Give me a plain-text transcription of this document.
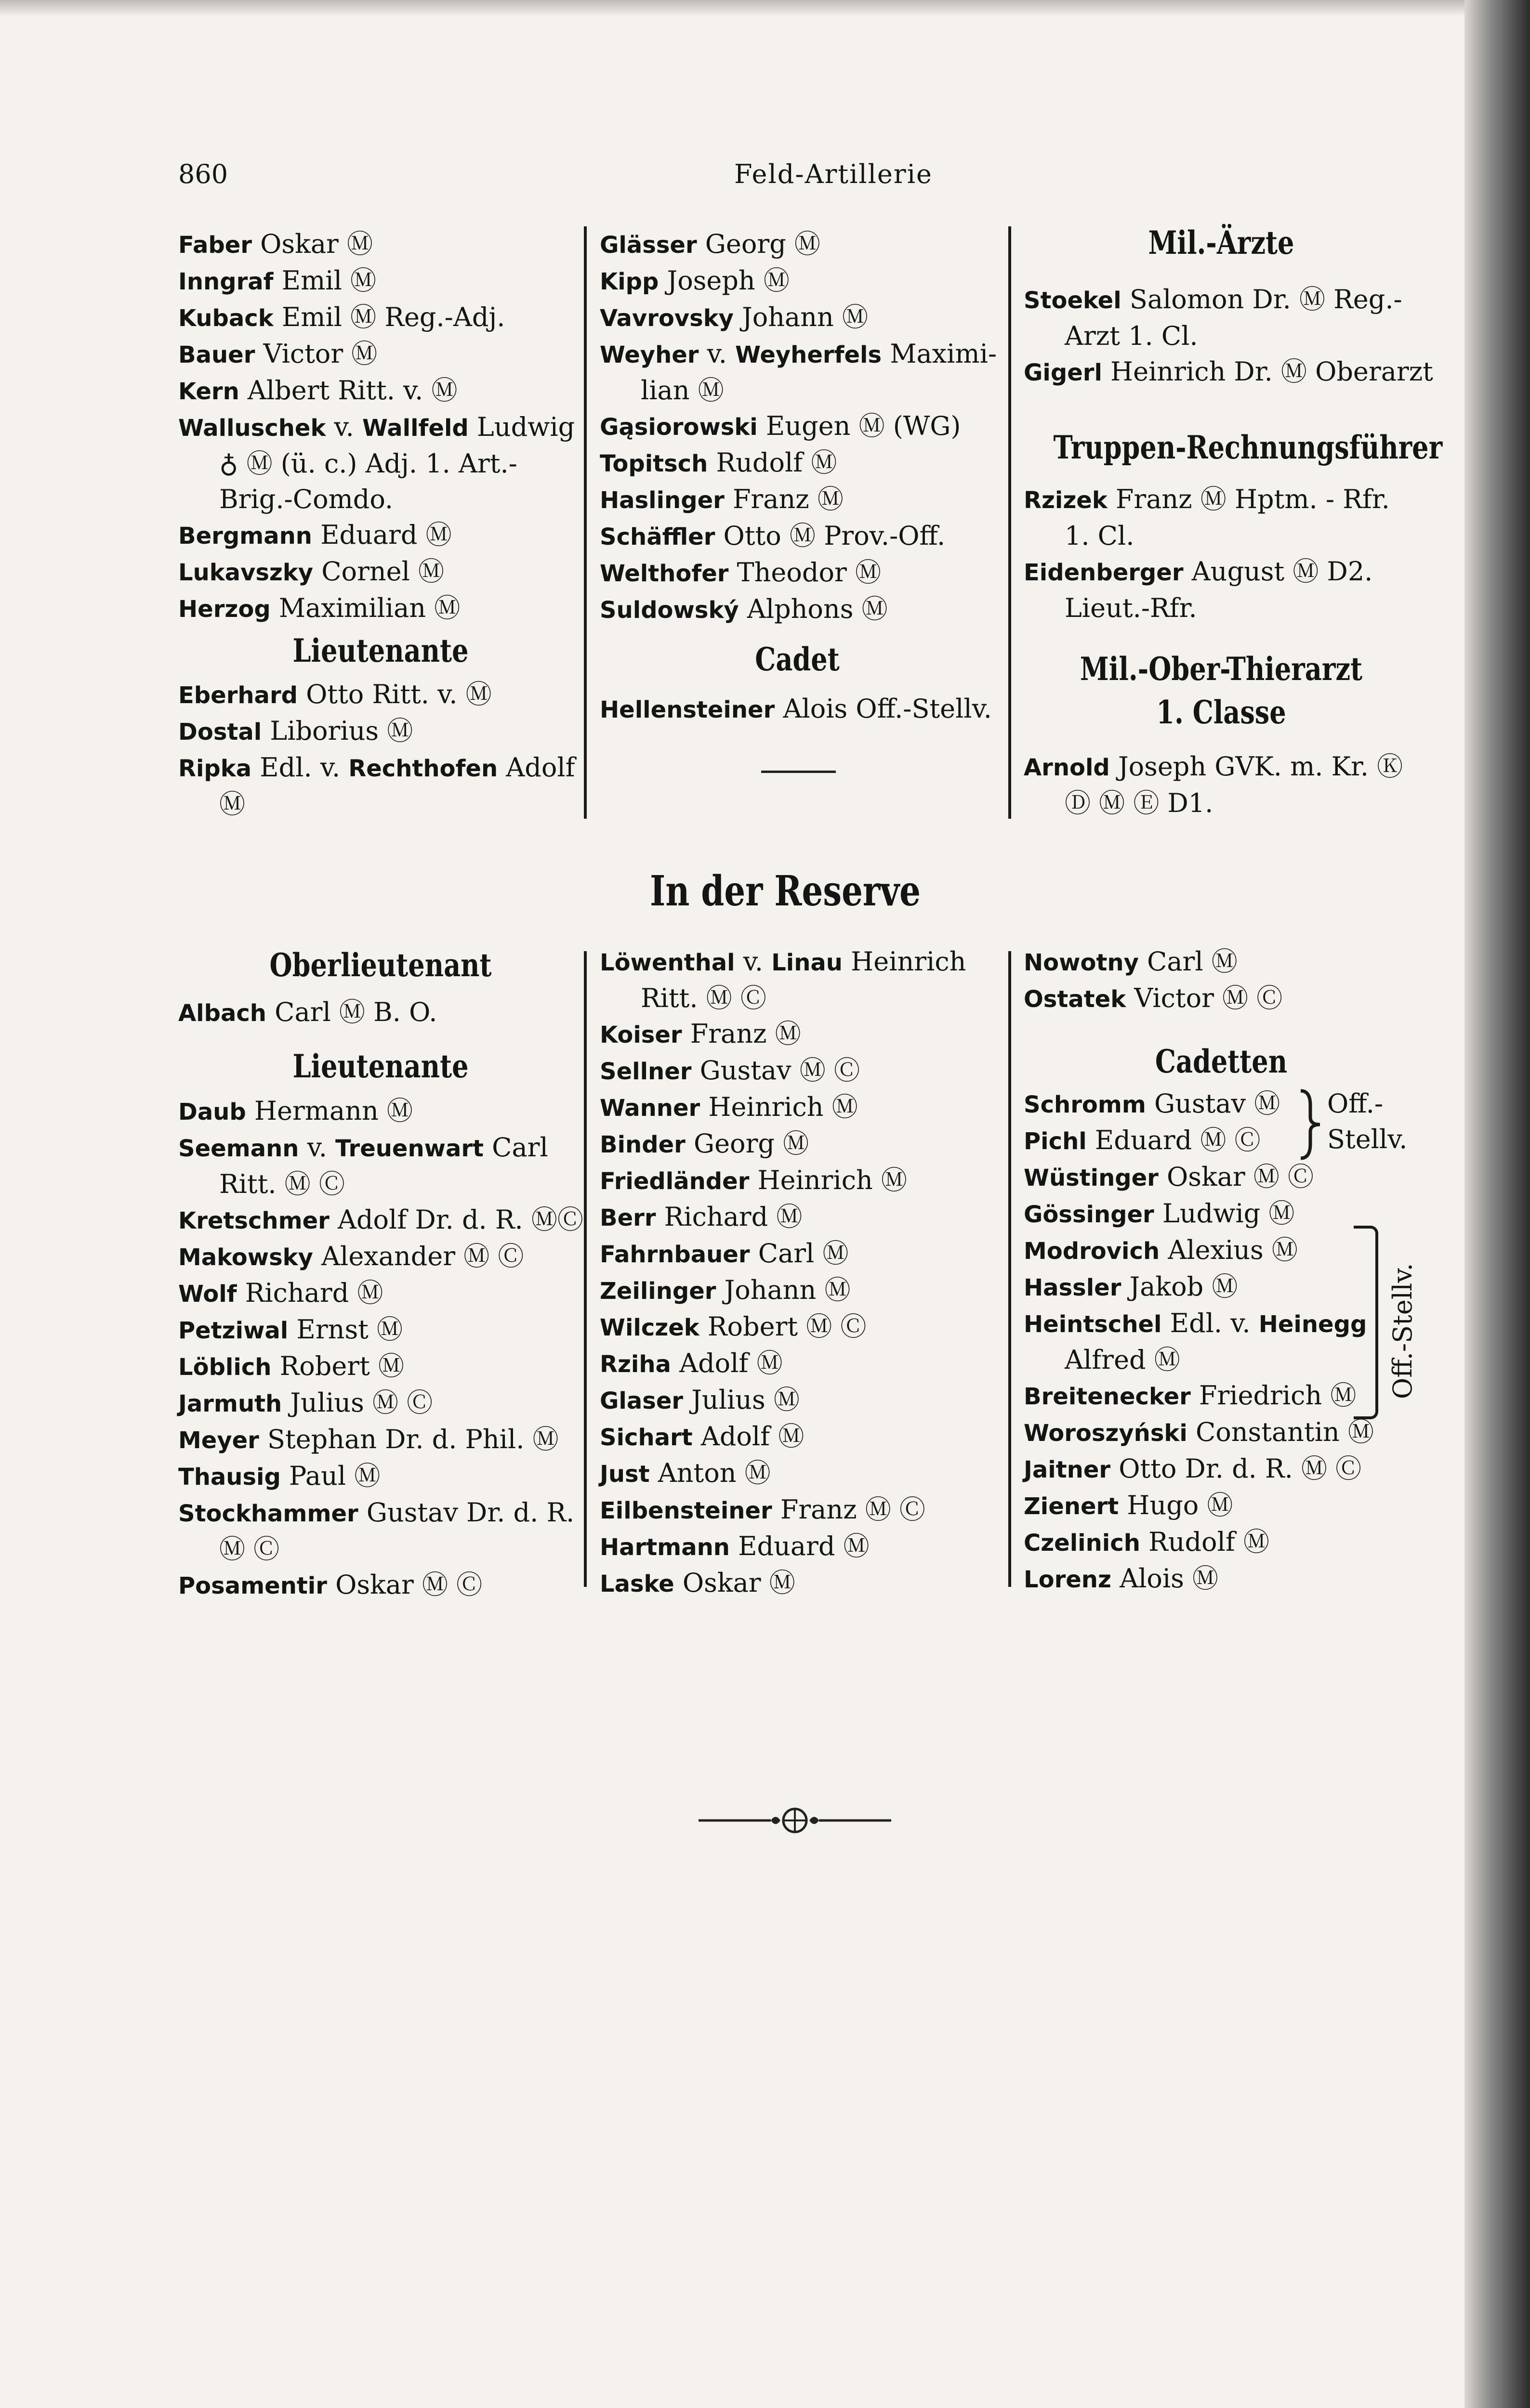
860	Feld-Artillerie

Faber Oskar Ⓜ

Inngraf Emil Ⓜ

Kuback Emil Ⓜ Reg.-Adj.

Bauer Victor Ⓜ

Kern Albert Ritt. v. Ⓜ

Walluschek v. Wallfeld Ludwig

♁ Ⓜ (ü. c.) Adj. 1. Art.-

Brig.-Comdo.

Bergmann Eduard Ⓜ

Lukavszky Cornel Ⓜ

Herzog Maximilian Ⓜ

Lieutenante

Eberhard Otto Ritt. v. Ⓜ

Dostal Liborius Ⓜ

Ripka Edl. v. Rechthofen Adolf

Ⓜ

Glässer Georg Ⓜ

Kipp Joseph Ⓜ

Vavrovsky Johann Ⓜ

Weyher v. Weyherfels Maximi-

lian Ⓜ

Gąsiorowski Eugen Ⓜ (WG)

Topitsch Rudolf Ⓜ

Haslinger Franz Ⓜ

Schäffler Otto Ⓜ Prov.-Off.

Welthofer Theodor Ⓜ

Suldowský Alphons Ⓜ

Cadet

Hellensteiner Alois Off.-Stellv.

Mil.-Ärzte

Stoekel Salomon Dr. Ⓜ Reg.-

Arzt 1. Cl.

Gigerl Heinrich Dr. Ⓜ Oberarzt

Truppen-Rechnungsführer

Rzizek Franz Ⓜ Hptm. - Rfr.

1. Cl.

Eidenberger August Ⓜ D2.

Lieut.-Rfr.

Mil.-Ober-Thierarzt
1. Classe

Arnold Joseph GVK. m. Kr. Ⓚ

Ⓓ Ⓜ Ⓔ D1.

In der Reserve
Oberlieutenant

Albach Carl Ⓜ B. O.

Lieutenante

Daub Hermann Ⓜ

Seemann v. Treuenwart Carl

Ritt. Ⓜ Ⓒ

Kretschmer Adolf Dr. d. R. ⓂⒸ

Makowsky Alexander Ⓜ Ⓒ

Wolf Richard Ⓜ

Petziwal Ernst Ⓜ

Löblich Robert Ⓜ

Jarmuth Julius Ⓜ Ⓒ

Meyer Stephan Dr. d. Phil. Ⓜ

Thausig Paul Ⓜ

Stockhammer Gustav Dr. d. R.

Ⓜ Ⓒ

Posamentir Oskar Ⓜ Ⓒ

Löwenthal v. Linau Heinrich

Ritt. Ⓜ Ⓒ

Koiser Franz Ⓜ

Sellner Gustav Ⓜ Ⓒ

Wanner Heinrich Ⓜ

Binder Georg Ⓜ

Friedländer Heinrich Ⓜ

Berr Richard Ⓜ

Fahrnbauer Carl Ⓜ

Zeilinger Johann Ⓜ

Wilczek Robert Ⓜ Ⓒ

Rziha Adolf Ⓜ

Glaser Julius Ⓜ

Sichart Adolf Ⓜ

Just Anton Ⓜ

Eilbensteiner Franz Ⓜ Ⓒ

Hartmann Eduard Ⓜ

Laske Oskar Ⓜ

Nowotny Carl Ⓜ

Ostatek Victor Ⓜ Ⓒ

Cadetten

Schromm Gustav Ⓜ

Pichl Eduard Ⓜ Ⓒ

Wüstinger Oskar Ⓜ Ⓒ

Gössinger Ludwig Ⓜ

Modrovich Alexius Ⓜ

Hassler Jakob Ⓜ

Heintschel Edl. v. Heinegg

Alfred Ⓜ

Breitenecker Friedrich Ⓜ

Woroszyński Constantin Ⓜ

Jaitner Otto Dr. d. R. Ⓜ Ⓒ

Zienert Hugo Ⓜ

Czelinich Rudolf Ⓜ

Lorenz Alois Ⓜ

Off.-

Stellv.

Off.-Stellv.
